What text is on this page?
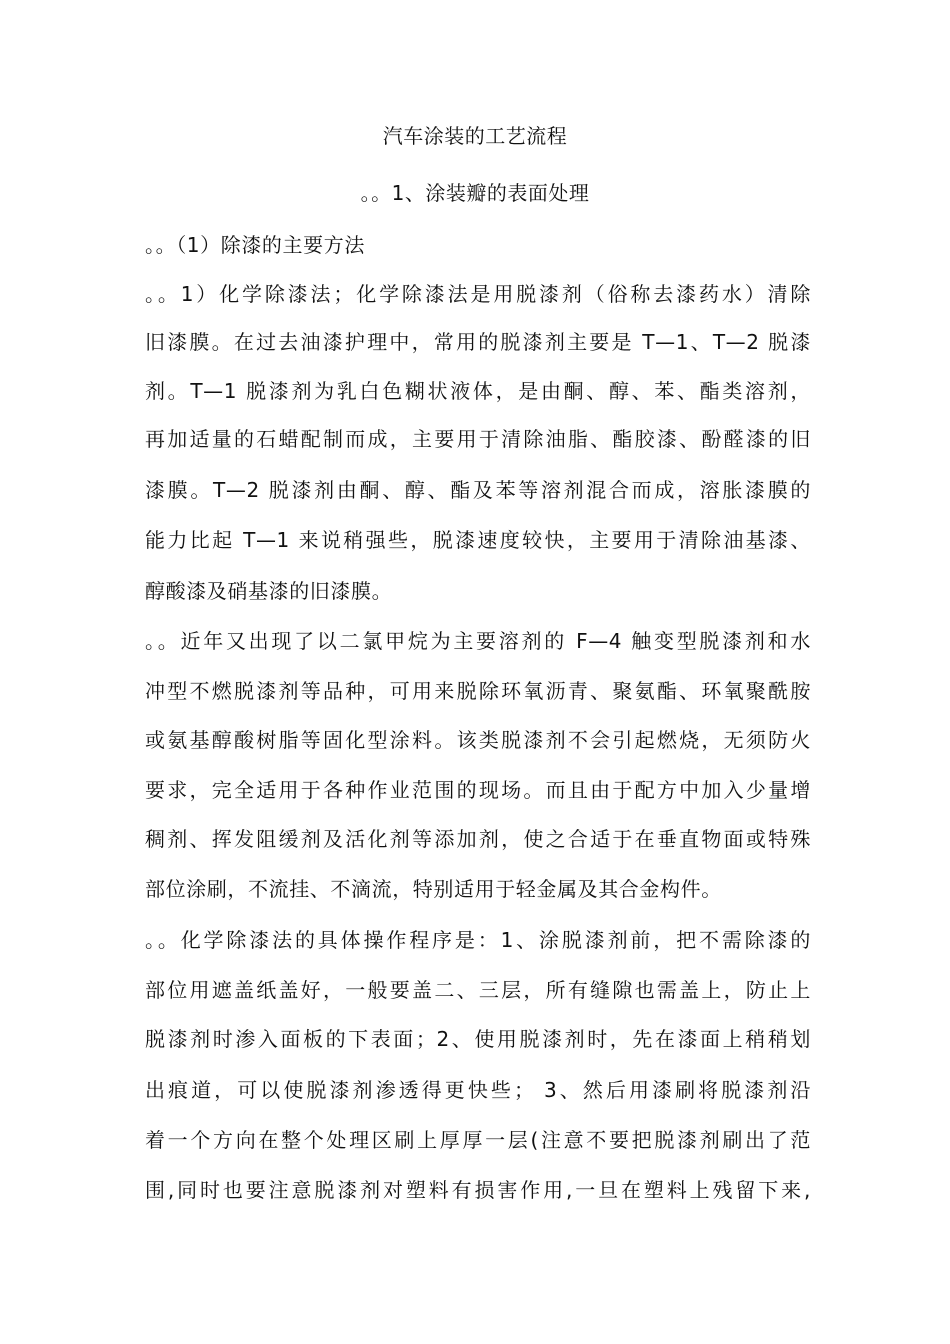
汽车涂装的工艺流程
。。1、涂装瓣的表面处理
。。（1）除漆的主要方法
。。1）化学除漆法；化学除漆法是用脱漆剂（俗称去漆药水）清除
旧漆膜。在过去油漆护理中，常用的脱漆剂主要是 T—1、T—2 脱漆
剂。T—1 脱漆剂为乳白色糊状液体，是由酮、醇、苯、酯类溶剂，
再加适量的石蜡配制而成，主要用于清除油脂、酯胶漆、酚醛漆的旧
漆膜。T—2 脱漆剂由酮、醇、酯及苯等溶剂混合而成，溶胀漆膜的
能力比起 T—1 来说稍强些，脱漆速度较快，主要用于清除油基漆、
醇酸漆及硝基漆的旧漆膜。
。。近年又出现了以二氯甲烷为主要溶剂的 F—4 触变型脱漆剂和水
冲型不燃脱漆剂等品种，可用来脱除环氧沥青、聚氨酯、环氧聚酰胺
或氨基醇酸树脂等固化型涂料。该类脱漆剂不会引起燃烧，无须防火
要求，完全适用于各种作业范围的现场。而且由于配方中加入少量增
稠剂、挥发阻缓剂及活化剂等添加剂，使之合适于在垂直物面或特殊
部位涂刷，不流挂、不滴流，特别适用于轻金属及其合金构件。
。。化学除漆法的具体操作程序是：1、涂脱漆剂前，把不需除漆的
部位用遮盖纸盖好，一般要盖二、三层，所有缝隙也需盖上，防止上
脱漆剂时渗入面板的下表面；2、使用脱漆剂时，先在漆面上稍稍划
出痕道，可以使脱漆剂渗透得更快些； 3、然后用漆刷将脱漆剂沿
着一个方向在整个处理区刷上厚厚一层(注意不要把脱漆剂刷出了范
围,同时也要注意脱漆剂对塑料有损害作用,一旦在塑料上残留下来,
